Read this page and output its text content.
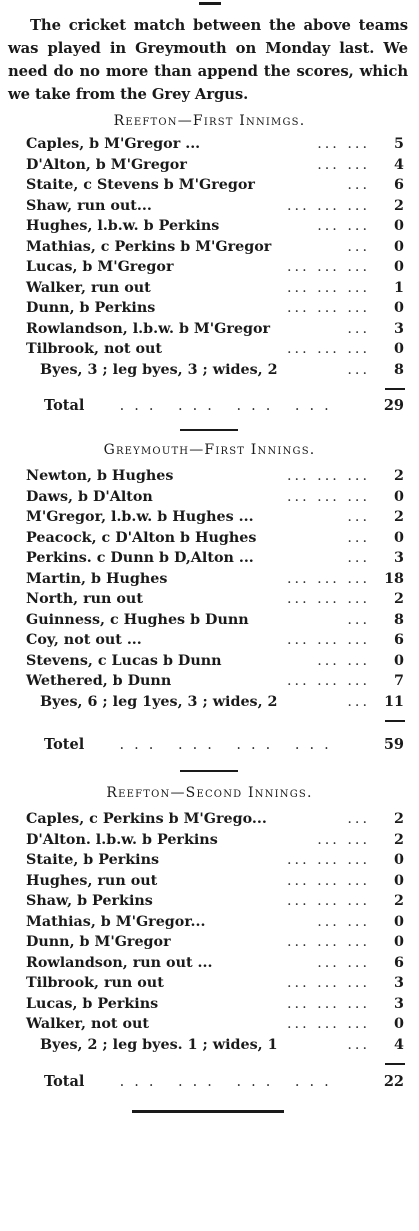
The cricket match between the above teams was played in Greymouth on Monday last. We need do no more than append the scores, which we take from the Grey Argus.
Reefton—First Innimgs.
Caples, b M'Gregor ...	... ...	5
D'Alton, b M'Gregor	... ...	4
Staite, c Stevens b M'Gregor	...	6
Shaw, run out...	... ... ...	2
Hughes, l.b.w. b Perkins	... ...	0
Mathias, c Perkins b M'Gregor	...	0
Lucas, b M'Gregor	... ... ...	0
Walker, run out	... ... ...	1
Dunn, b Perkins	... ... ...	0
Rowlandson, l.b.w. b M'Gregor	...	3
Tilbrook, not out	... ... ...	0
Byes, 3 ; leg byes, 3 ; wides, 2	...	8
Total	... ... ... ...	29
Greymouth—First Innings.
Newton, b Hughes	... ... ...	2
Daws, b D'Alton	... ... ...	0
M'Gregor, l.b.w. b Hughes ...	...	2
Peacock, c D'Alton b Hughes	...	0
Perkins. c Dunn b D,Alton ...	...	3
Martin, b Hughes	... ... ... 18
North, run out	... ... ...	2
Guinness, c Hughes b Dunn	...	8
Coy, not out ...	... ... ...	6
Stevens, c Lucas b Dunn	... ...	0
Wethered, b Dunn	... ... ...	7
Byes, 6 ; leg 1yes, 3 ; wides, 2	... 11
Totel	... ... ... ...	59
Reefton—Second Innings.
Caples, c Perkins b M'Grego...	...	2
D'Alton. l.b.w. b Perkins	... ...	2
Staite, b Perkins	... ... ...	0
Hughes, run out	... ... ...	0
Shaw, b Perkins	... ... ...	2
Mathias, b M'Gregor...	... ...	0
Dunn, b M'Gregor	... ... ...	0
Rowlandson, run out ...	... ...	6
Tilbrook, run out	... ... ...	3
Lucas, b Perkins	... ... ...	3
Walker, not out	... ... ...	0
Byes, 2 ; leg byes. 1 ; wides, 1	...	4
Total	... ... ... ...	22
